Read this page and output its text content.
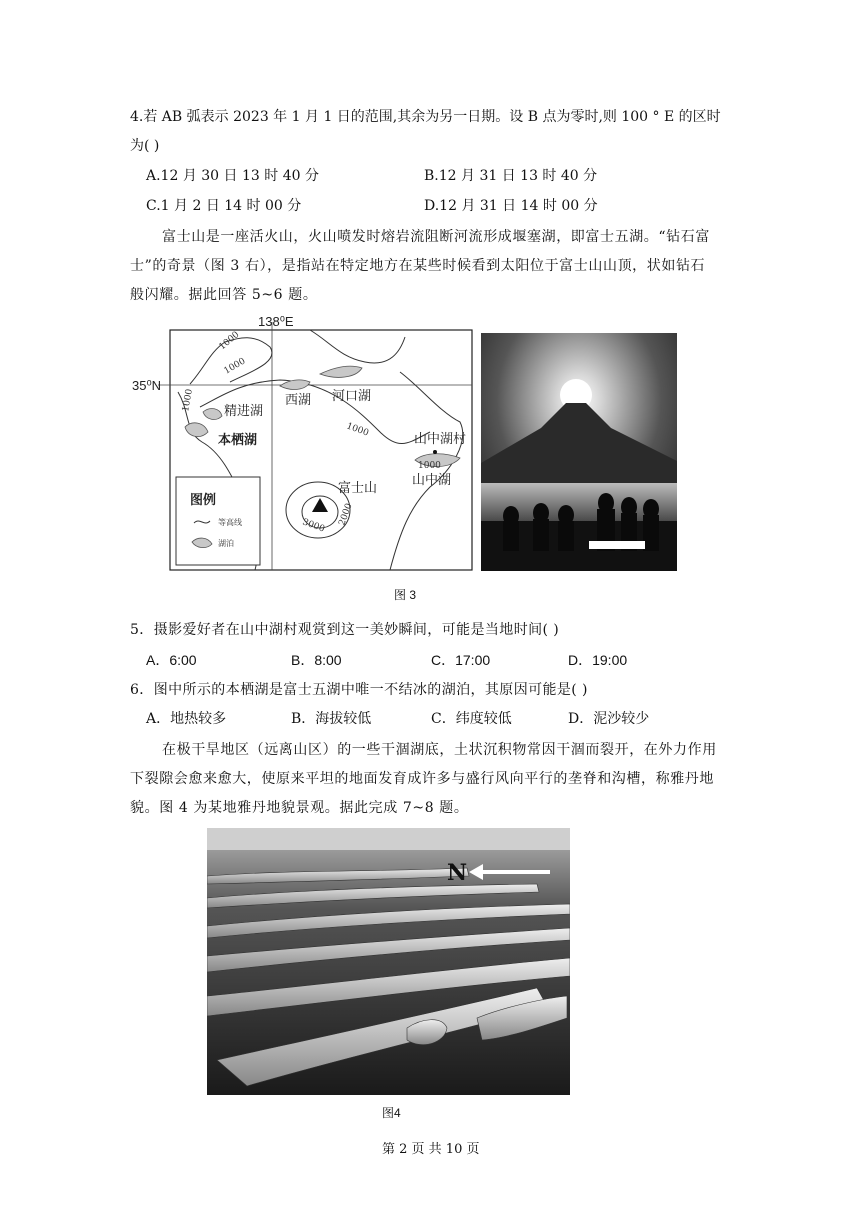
4.若 AB 弧表示 2023 年 1 月 1 日的范围,其余为另一日期。设 B 点为零时,则 100 ° E 的区时
为( )
A.12 月 30 日 13 时 40 分	B.12 月 31 日 13 时 40 分
C.1 月 2 日 14 时 00 分	D.12 月 31 日 14 时 00 分
富士山是一座活火山，火山喷发时熔岩流阻断河流形成堰塞湖，即富士五湖。“钻石富
士”的奇景（图 3 右），是指站在特定地方在某些时候看到太阳位于富士山山顶，状如钻石
般闪耀。据此回答 5~6 题。
138⁰E
35⁰N
西湖 河口湖
精进湖
本栖湖	山中湖村
山中湖
富士山
图例
等高线
湖泊
1000
1000
1000
1000
1000
3000 2000
图 3
5．摄影爱好者在山中湖村观赏到这一美妙瞬间，可能是当地时间( )
A．6:00	B．8:00	C．17:00	D．19:00
6．图中所示的本栖湖是富士五湖中唯一不结冰的湖泊，其原因可能是( )
A．地热较多	B．海拔较低	C．纬度较低	D．泥沙较少
在极干旱地区（远离山区）的一些干涸湖底，土状沉积物常因干涸而裂开，在外力作用
下裂隙会愈来愈大，使原来平坦的地面发育成许多与盛行风向平行的垄脊和沟槽，称雅丹地
貌。图 4 为某地雅丹地貌景观。据此完成 7~8 题。
N
图4
第 2 页 共 10 页
